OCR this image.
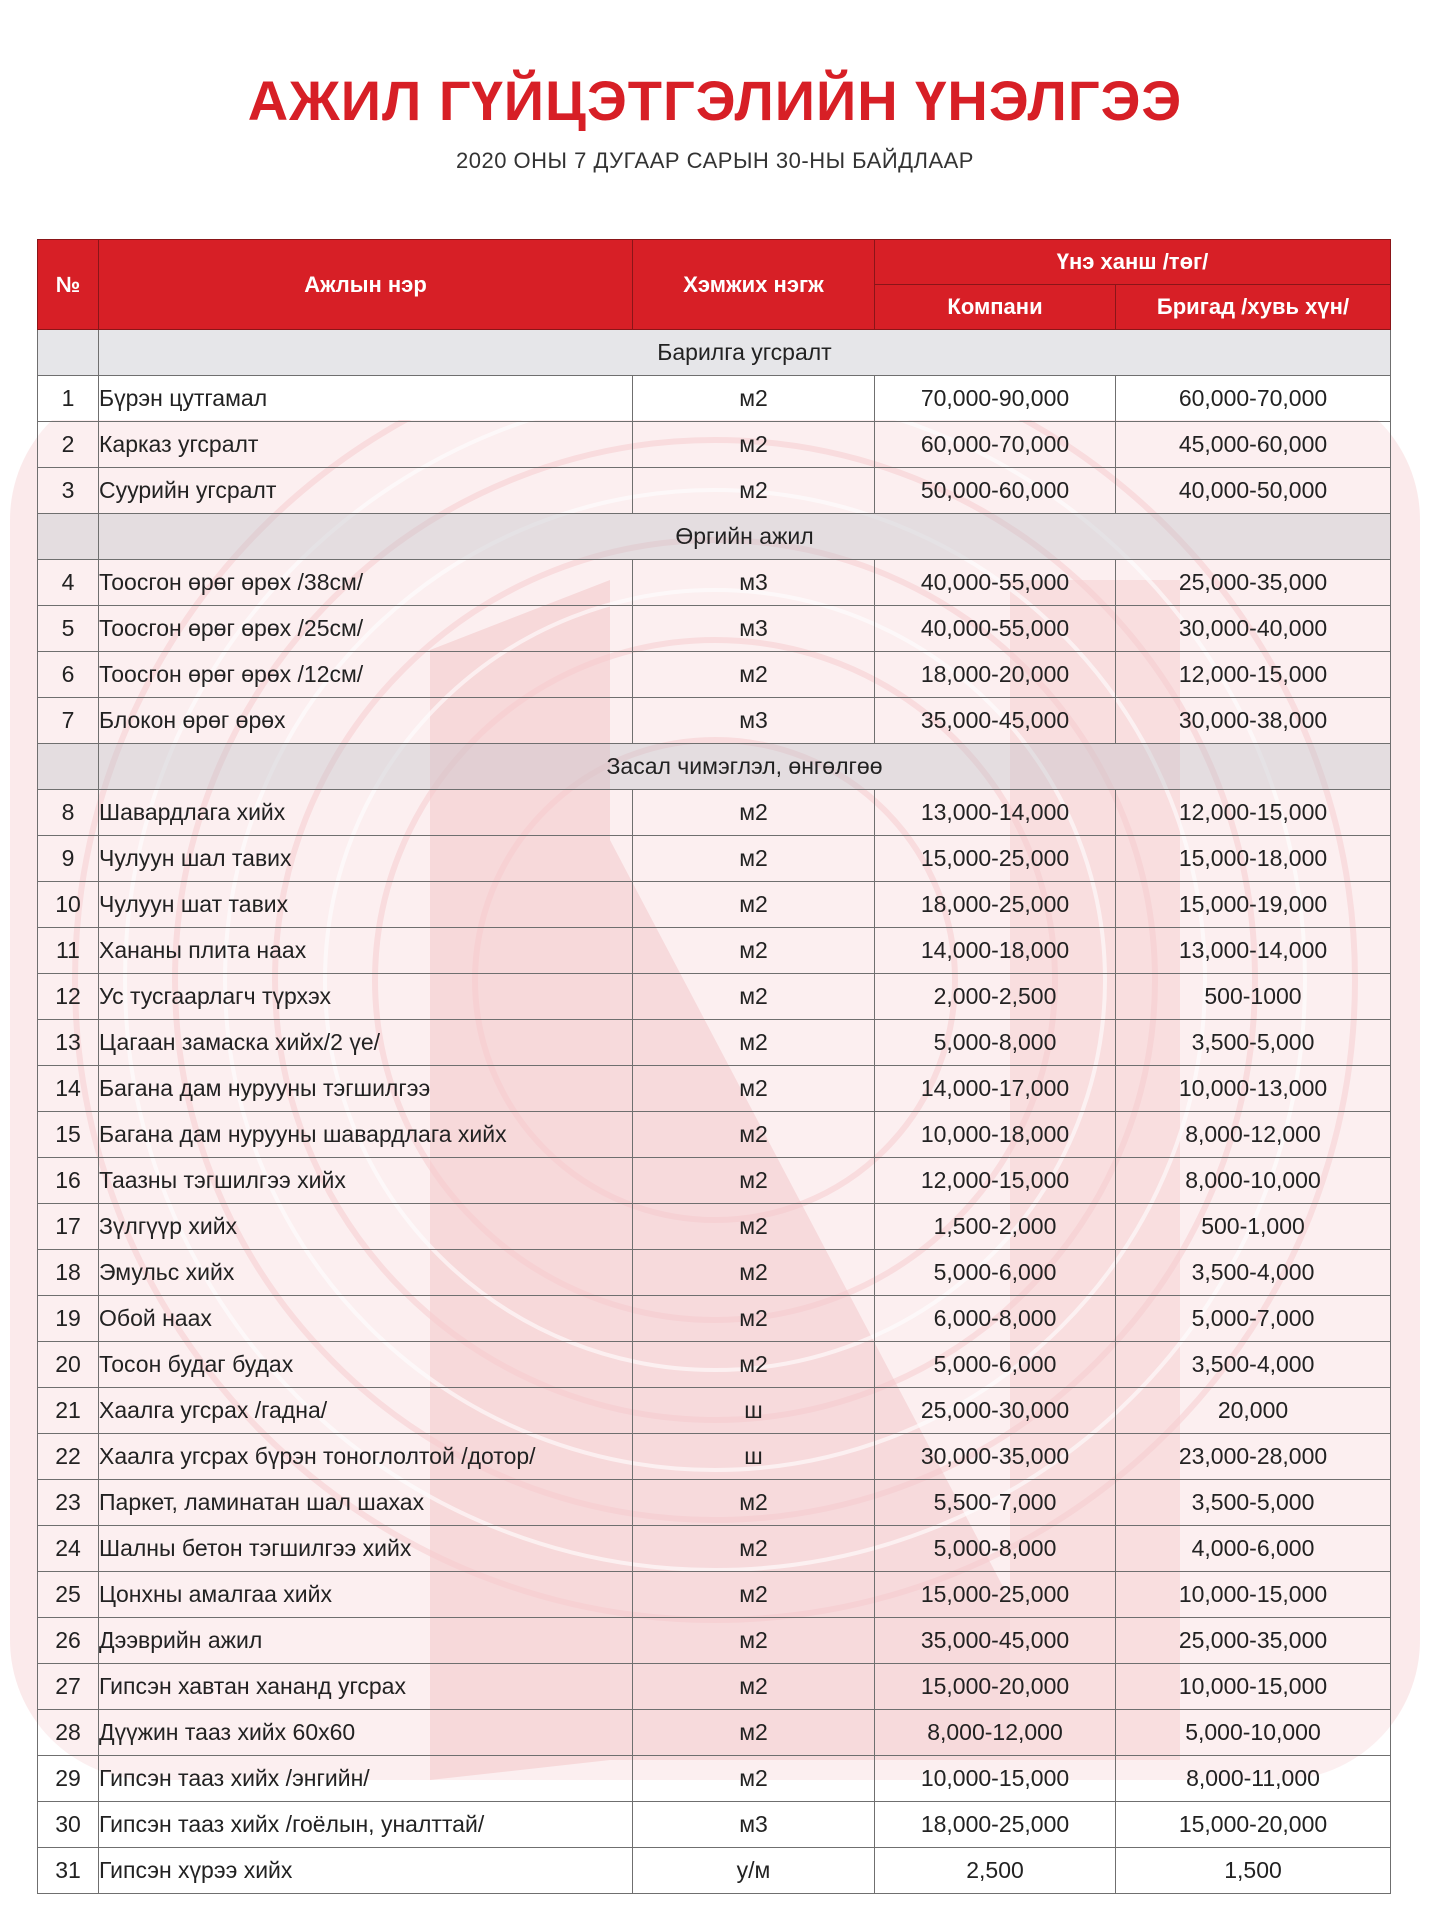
АЖИЛ ГҮЙЦЭТГЭЛИЙН ҮНЭЛГЭЭ
2020 ОНЫ 7 ДУГААР САРЫН 30-НЫ БАЙДЛААР
№	Ажлын нэр	Хэмжих нэгж	Үнэ ханш /төг/	
			Компани	Бригад /хувь хүн/
	Барилга угсралт			
1	Бүрэн цутгамал	м2	70,000-90,000	60,000-70,000
2	Карказ угсралт	м2	60,000-70,000	45,000-60,000
3	Суурийн угсралт	м2	50,000-60,000	40,000-50,000
	Өргийн ажил			
4	Тоосгон өрөг өрөх /38см/	м3	40,000-55,000	25,000-35,000
5	Тоосгон өрөг өрөх /25см/	м3	40,000-55,000	30,000-40,000
6	Тоосгон өрөг өрөх /12см/	м2	18,000-20,000	12,000-15,000
7	Блокон өрөг өрөх	м3	35,000-45,000	30,000-38,000
	Засал чимэглэл, өнгөлгөө			
8	Шавардлага хийх	м2	13,000-14,000	12,000-15,000
9	Чулуун шал тавих	м2	15,000-25,000	15,000-18,000
10	Чулуун шат тавих	м2	18,000-25,000	15,000-19,000
11	Хананы плита наах	м2	14,000-18,000	13,000-14,000
12	Ус тусгаарлагч түрхэх	м2	2,000-2,500	500-1000
13	Цагаан замаска хийх/2 үе/	м2	5,000-8,000	3,500-5,000
14	Багана дам нурууны тэгшилгээ	м2	14,000-17,000	10,000-13,000
15	Багана дам нурууны шавардлага хийх	м2	10,000-18,000	8,000-12,000
16	Таазны тэгшилгээ хийх	м2	12,000-15,000	8,000-10,000
17	Зүлгүүр хийх	м2	1,500-2,000	500-1,000
18	Эмульс хийх	м2	5,000-6,000	3,500-4,000
19	Обой наах	м2	6,000-8,000	5,000-7,000
20	Тосон будаг будах	м2	5,000-6,000	3,500-4,000
21	Хаалга угсрах /гадна/	ш	25,000-30,000	20,000
22	Хаалга угсрах бүрэн тоноглолтой /дотор/	ш	30,000-35,000	23,000-28,000
23	Паркет, ламинатан шал шахах	м2	5,500-7,000	3,500-5,000
24	Шалны бетон тэгшилгээ хийх	м2	5,000-8,000	4,000-6,000
25	Цонхны амалгаа хийх	м2	15,000-25,000	10,000-15,000
26	Дээврийн ажил	м2	35,000-45,000	25,000-35,000
27	Гипсэн хавтан хананд угсрах	м2	15,000-20,000	10,000-15,000
28	Дүүжин тааз хийх 60х60	м2	8,000-12,000	5,000-10,000
29	Гипсэн тааз хийх /энгийн/	м2	10,000-15,000	8,000-11,000
30	Гипсэн тааз хийх /гоёлын, уналттай/	м3	18,000-25,000	15,000-20,000
31	Гипсэн хүрээ хийх	у/м	2,500	1,500
